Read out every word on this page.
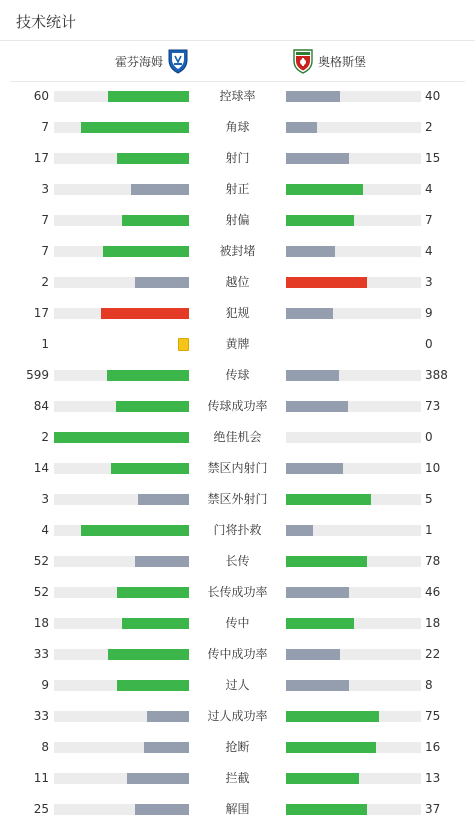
技术统计
霍芬海姆	奥格斯堡
60	控球率	40
7	角球	2
17	射门	15
3	射正	4
7	射偏	7
7	被封堵	4
2	越位	3
17	犯规	9
1	黄牌	0
599	传球	388
84	传球成功率	73
2	绝佳机会	0
14	禁区内射门	10
3	禁区外射门	5
4	门将扑救	1
52	长传	78
52	长传成功率	46
18	传中	18
33	传中成功率	22
9	过人	8
33	过人成功率	75
8	抢断	16
11	拦截	13
25	解围	37
